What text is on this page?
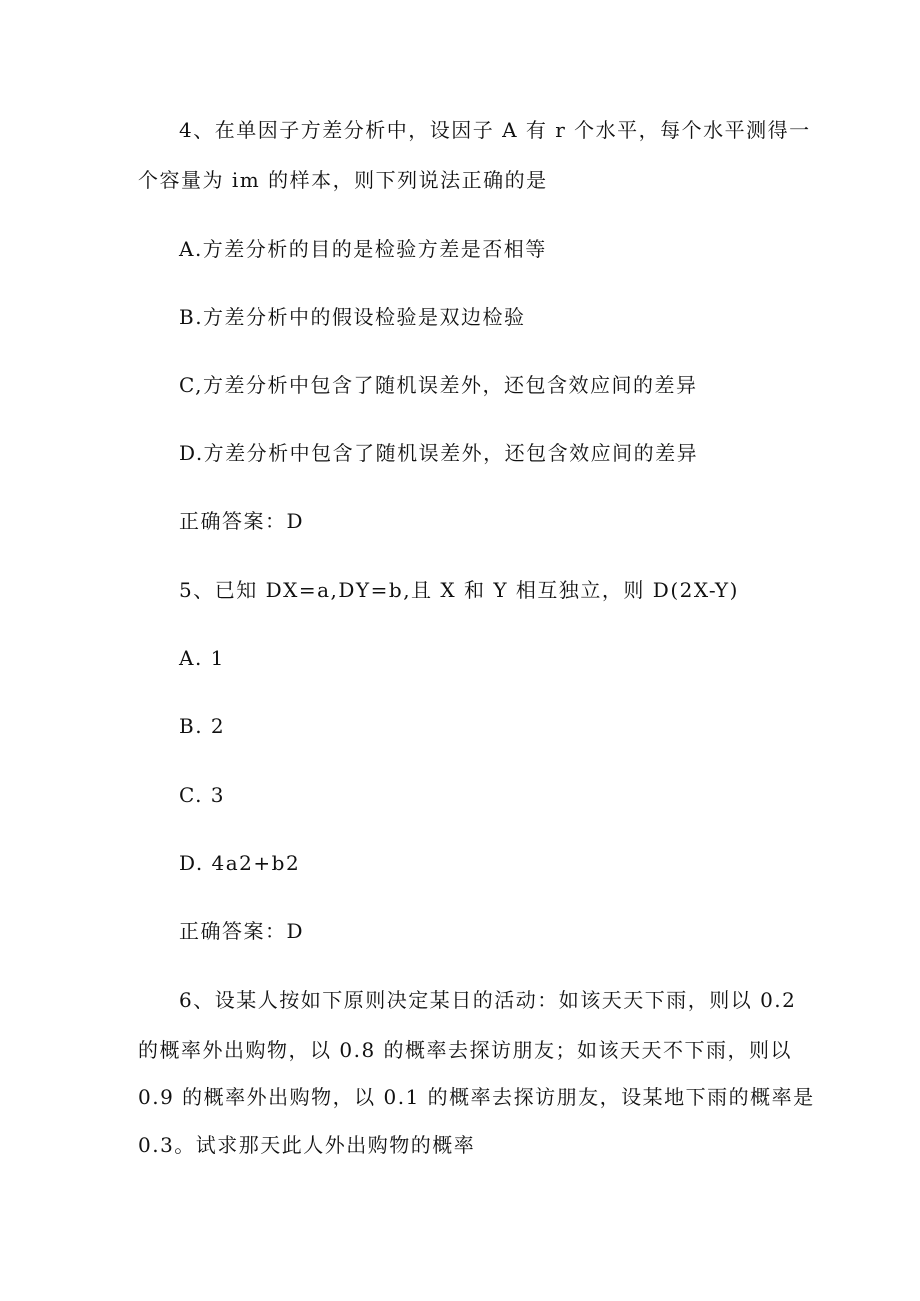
4、在单因子方差分析中，设因子 A 有 r 个水平，每个水平测得一
个容量为 im 的样本，则下列说法正确的是
A.方差分析的目的是检验方差是否相等
B.方差分析中的假设检验是双边检验
C,方差分析中包含了随机误差外，还包含效应间的差异
D.方差分析中包含了随机误差外，还包含效应间的差异
正确答案：D
5、已知 DX=a,DY=b,且 X 和 Y 相互独立，则 D(2X-Y)
A. 1
B. 2
C. 3
D. 4a2+b2
正确答案：D
6、设某人按如下原则决定某日的活动：如该天天下雨，则以 0.2
的概率外出购物，以 0.8 的概率去探访朋友；如该天天不下雨，则以
0.9 的概率外出购物，以 0.1 的概率去探访朋友，设某地下雨的概率是
0.3。试求那天此人外出购物的概率
